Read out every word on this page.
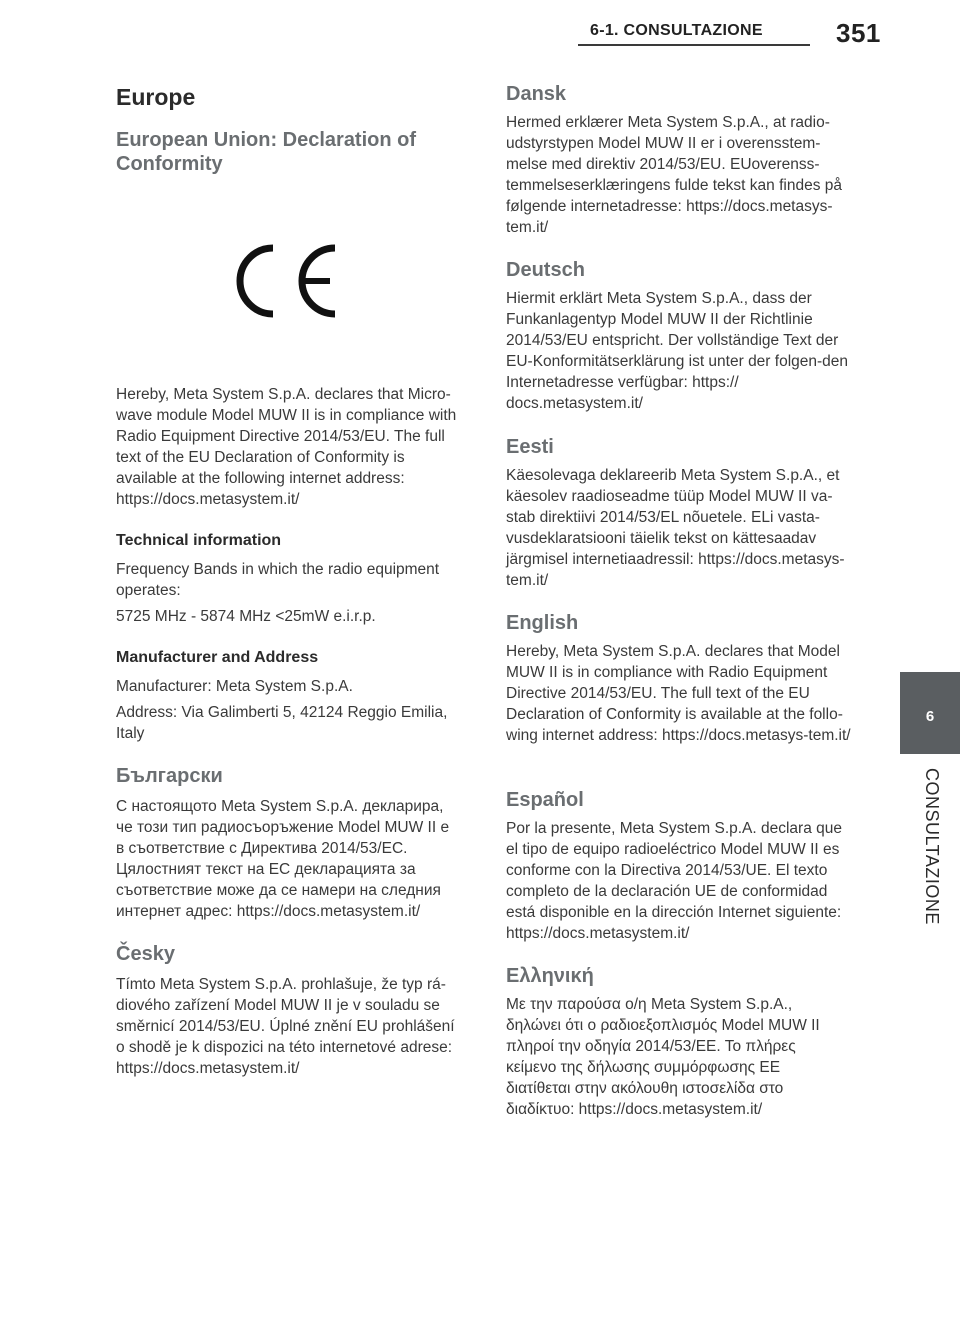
6-1. CONSULTAZIONE	351
6
CONSULTAZIONE
Europe
European Union: Declaration of Conformity

Hereby, Meta System S.p.A. declares that Micro-wave module Model MUW II is in compliance with Radio Equipment Directive 2014/53/EU. The full text of the EU Declaration of Conformity is available at the following internet address: https://docs.metasystem.it/

Technical information

Frequency Bands in which the radio equipment operates:

5725 MHz - 5874 MHz <25mW e.i.r.p.

Manufacturer and Address

Manufacturer: Meta System S.p.A.

Address: Via Galimberti 5, 42124 Reggio Emilia, Italy

Български

С настоящото Meta System S.p.A. декларира, че този тип радиосъоръжение Model MUW II е в съответствие с Директива 2014/53/ЕС. Цялостният текст на ЕС декларацията за съответствие може да се намери на следния интернет адрес: https://docs.metasystem.it/

Česky

Tímto Meta System S.p.A. prohlašuje, že typ rá-diového zařízení Model MUW II je v souladu se směrnicí 2014/53/EU. Úplné znění EU prohlášení o shodě je k dispozici na této internetové adrese: https://docs.metasystem.it/

Dansk

Hermed erklærer Meta System S.p.A., at radio-udstyrstypen Model MUW II er i overensstem-melse med direktiv 2014/53/EU. EUoverenss-temmelseserklæringens fulde tekst kan findes på følgende internetadresse: https://docs.metasys-tem.it/

Deutsch

Hiermit erklärt Meta System S.p.A., dass der Funkanlagentyp Model MUW II der Richtlinie 2014/53/EU entspricht. Der vollständige Text der EU-Konformitätserklärung ist unter der folgen-den Internetadresse verfügbar: https:// docs.metasystem.it/

Eesti

Käesolevaga deklareerib Meta System S.p.A., et käesolev raadioseadme tüüp Model MUW II va-stab direktiivi 2014/53/EL nõuetele. ELi vasta-vusdeklaratsiooni täielik tekst on kättesaadav järgmisel internetiaadressil: https://docs.metasys-tem.it/

English

Hereby, Meta System S.p.A. declares that Model MUW II is in compliance with Radio Equipment Directive 2014/53/EU. The full text of the EU Declaration of Conformity is available at the follo-wing internet address: https://docs.metasys-tem.it/

Español

Por la presente, Meta System S.p.A. declara que el tipo de equipo radioeléctrico Model MUW II es conforme con la Directiva 2014/53/UE. El texto completo de la declaración UE de conformidad está disponible en la dirección Internet siguiente: https://docs.metasystem.it/

Ελληνική

Με την παρούσα ο/η Meta System S.p.A., δηλώνει ότι ο ραδιοεξοπλισμός Model MUW II πληροί την οδηγία 2014/53/ΕΕ. Το πλήρες κείμενο της δήλωσης συμμόρφωσης ΕΕ διατίθεται στην ακόλουθη ιστοσελίδα στο διαδίκτυο: https://docs.metasystem.it/
